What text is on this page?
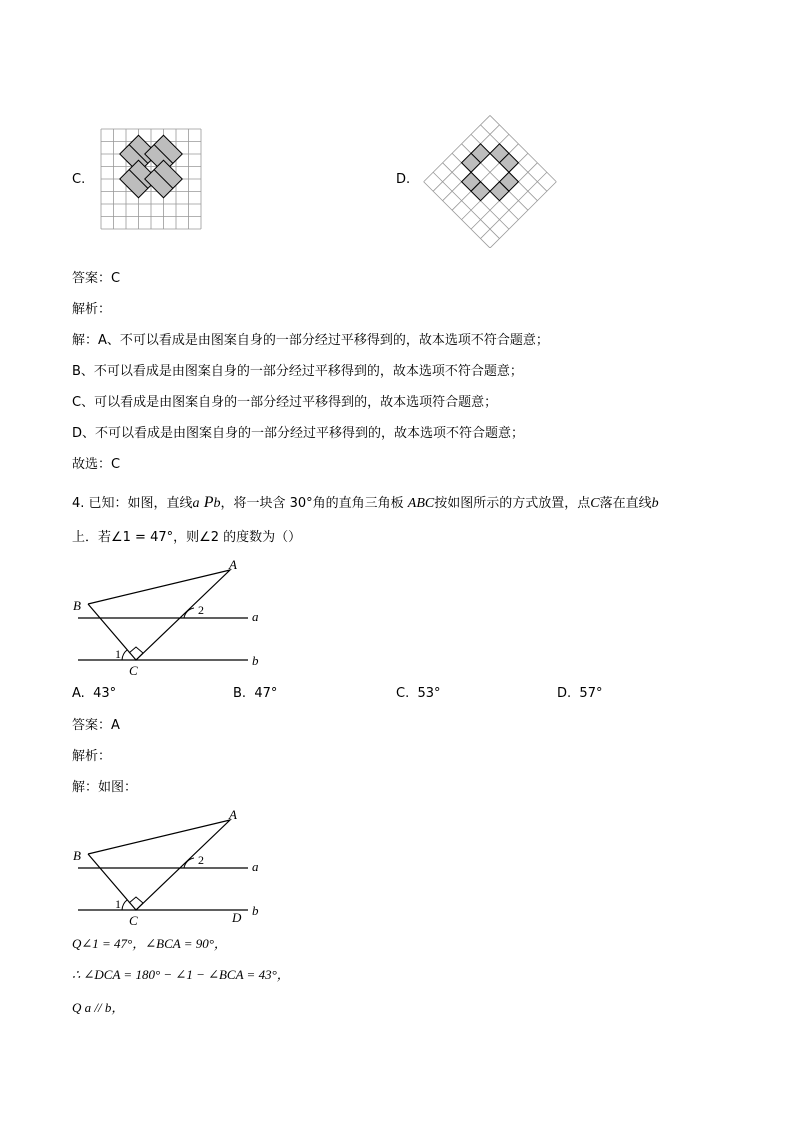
C.	D.
答案：C
解析：
解：A、不可以看成是由图案自身的一部分经过平移得到的，故本选项不符合题意；
B、不可以看成是由图案自身的一部分经过平移得到的，故本选项不符合题意；
C、可以看成是由图案自身的一部分经过平移得到的，故本选项符合题意；
D、不可以看成是由图案自身的一部分经过平移得到的，故本选项不符合题意；
故选：C
4. 已知：如图，直线a Pb，将一块含 30°角的直角三角板 ABC按如图所示的方式放置，点C落在直线b
上．若∠1 = 47°，则∠2 的度数为（）
A
B
C
a
b
1
2
A. 43°	B. 47°	C. 53°	D. 57°
答案：A
解析：
解：如图：
A
B
C	D
a
b
1
2
Q∠1 = 47°，∠BCA = 90°，
∴ ∠DCA = 180° − ∠1 − ∠BCA = 43°，
Q a // b，
